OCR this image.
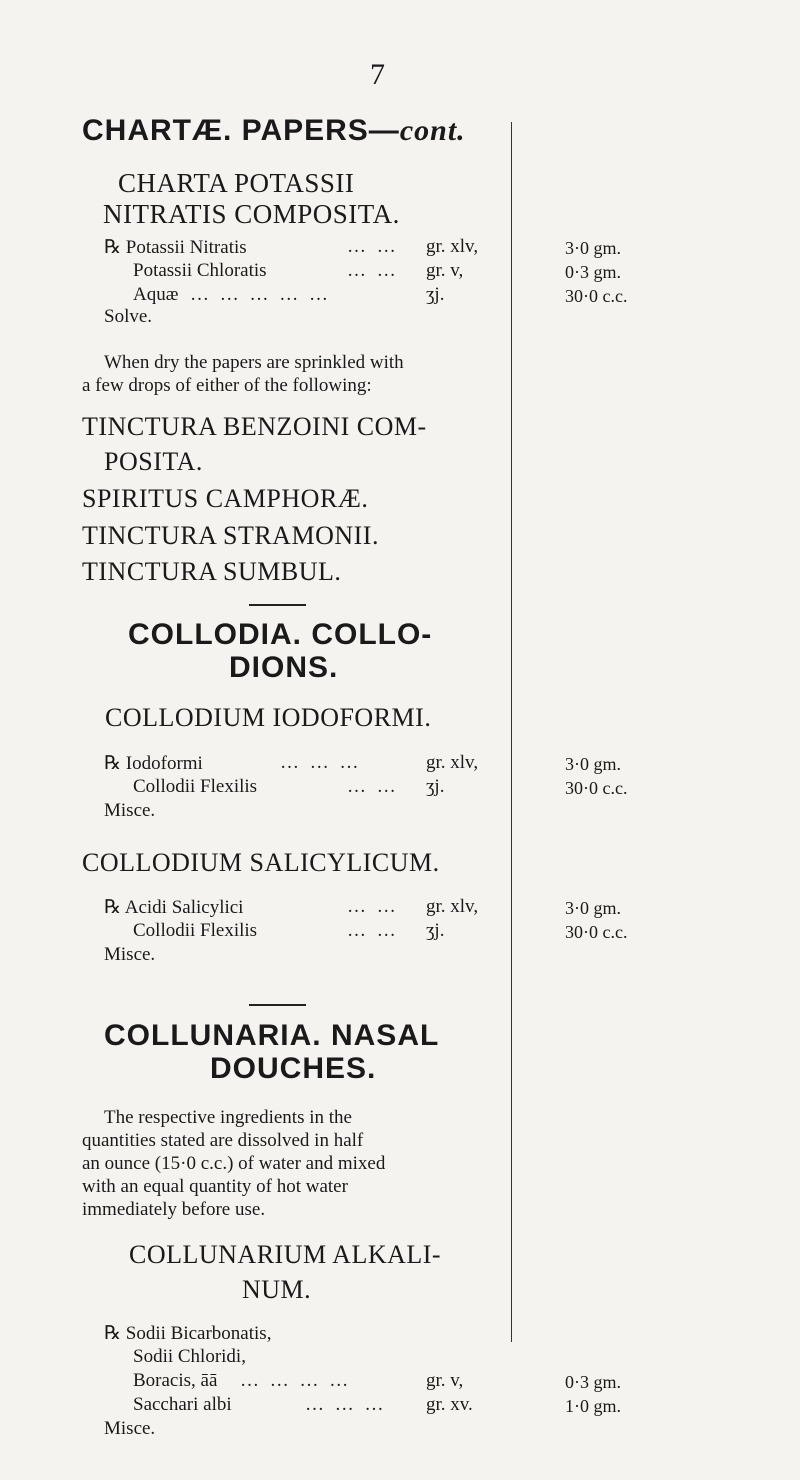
7
CHARTÆ. PAPERS—cont.
CHARTA POTASSII
NITRATIS COMPOSITA.
℞ Potassii Nitratis	… … gr. xlv,	3·0 gm.
Potassii Chloratis	… … gr. v,	0·3 gm.
Aquæ … … … … …	ʒj.	30·0 c.c.
Solve.
When dry the papers are sprinkled with
a few drops of either of the following:
TINCTURA BENZOINI COM-
POSITA.
SPIRITUS CAMPHORÆ.
TINCTURA STRAMONII.
TINCTURA SUMBUL.
COLLODIA. COLLO-
DIONS.
COLLODIUM IODOFORMI.
℞ Iodoformi	… … …	gr. xlv,	3·0 gm.
Collodii Flexilis	… … ʒj.	30·0 c.c.
Misce.
COLLODIUM SALICYLICUM.
℞ Acidi Salicylici	… … gr. xlv,	3·0 gm.
Collodii Flexilis	… … ʒj.	30·0 c.c.
Misce.
COLLUNARIA. NASAL
DOUCHES.
The respective ingredients in the
quantities stated are dissolved in half
an ounce (15·0 c.c.) of water and mixed
with an equal quantity of hot water
immediately before use.
COLLUNARIUM ALKALI-
NUM.
℞ Sodii Bicarbonatis,
Sodii Chloridi,
Boracis, āā … … … …	gr. v,	0·3 gm.
Sacchari albi	… … … gr. xv.	1·0 gm.
Misce.
